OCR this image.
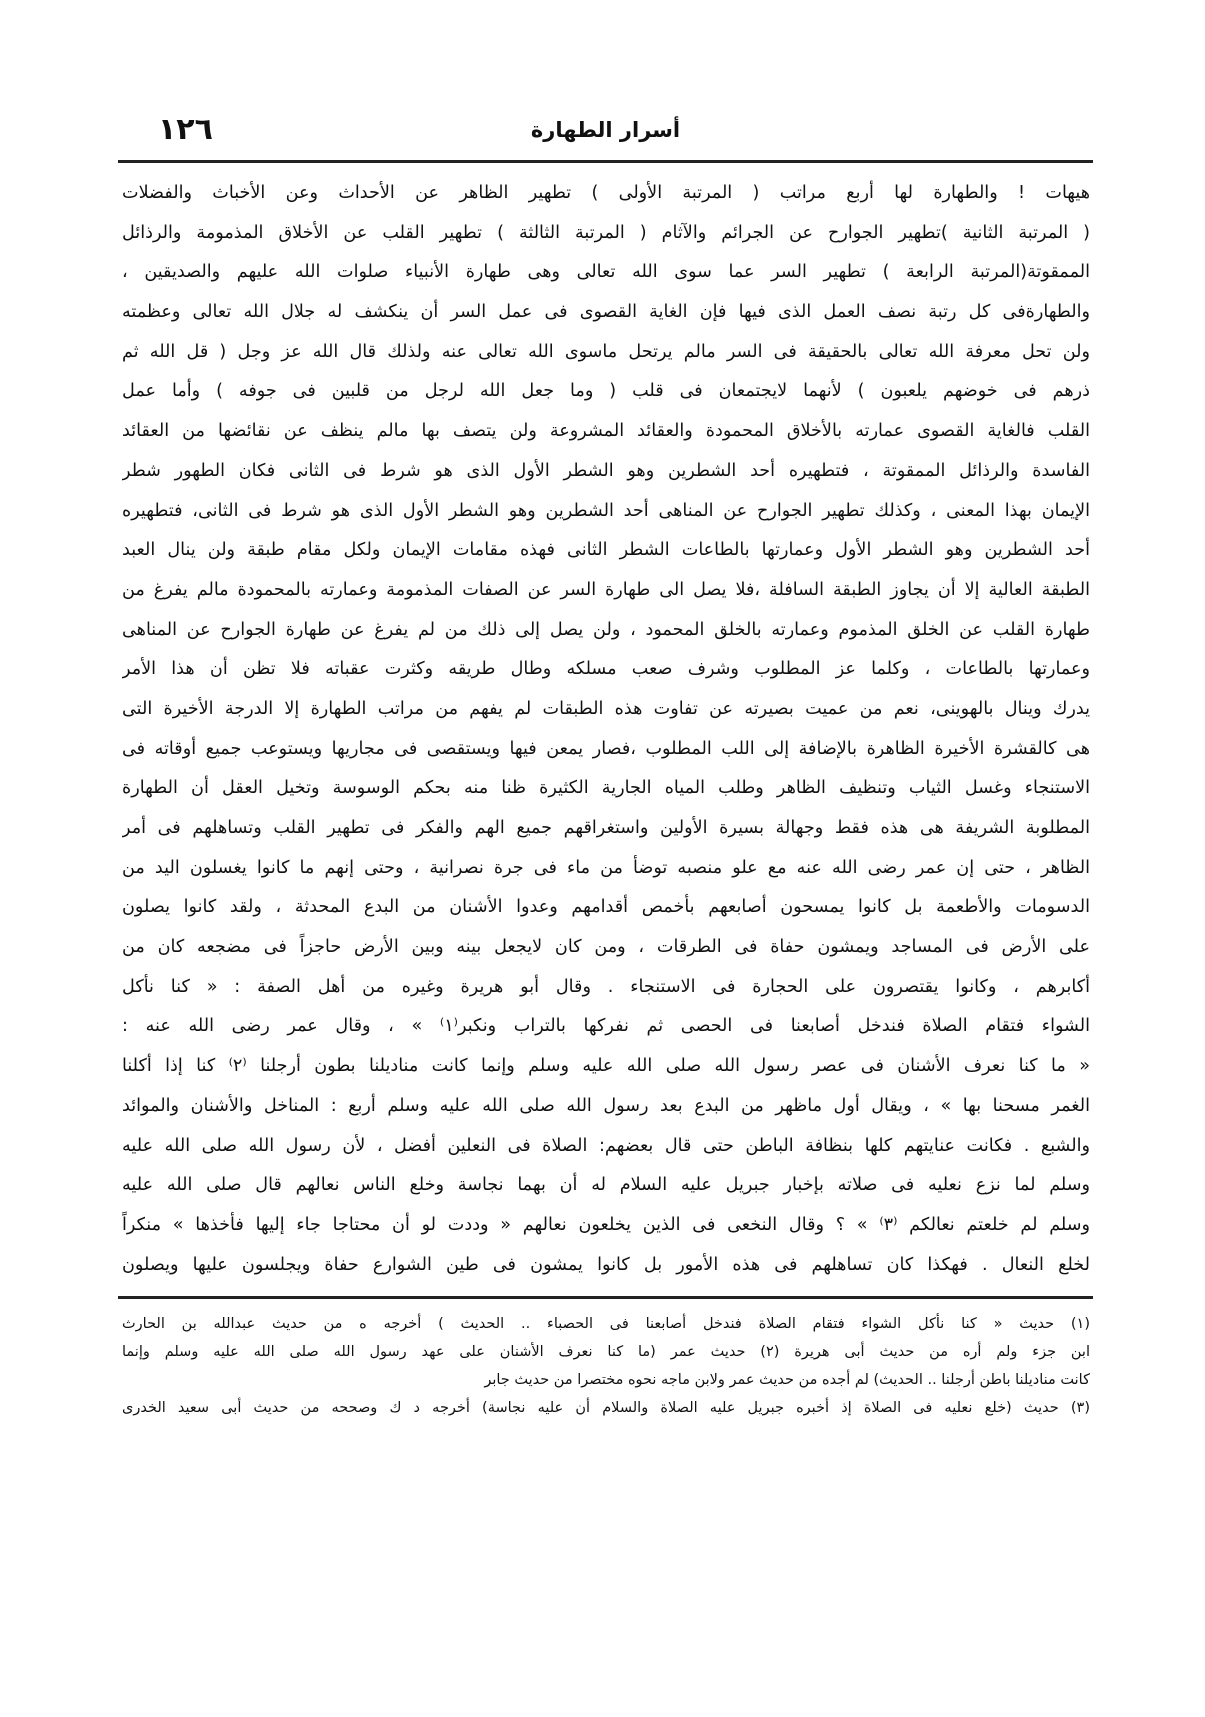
١٢٦	أسرار الطهارة
هيهات ! والطهارة لها أربع مراتب ( المرتبة الأولى ) تطهير الظاهر عن الأحداث وعن الأخباث والفضلات
( المرتبة الثانية )تطهير الجوارح عن الجرائم والآثام ( المرتبة الثالثة ) تطهير القلب عن الأخلاق المذمومة والرذائل
الممقوتة(المرتبة الرابعة ) تطهير السر عما سوى الله تعالى وهى طهارة الأنبياء صلوات الله عليهم والصديقين ،
والطهارةفى كل رتبة نصف العمل الذى فيها فإن الغاية القصوى فى عمل السر أن ينكشف له جلال الله تعالى وعظمته
ولن تحل معرفة الله تعالى بالحقيقة فى السر مالم يرتحل ماسوى الله تعالى عنه ولذلك قال الله عز وجل ( قل الله ثم
ذرهم فى خوضهم يلعبون ) لأنهما لايجتمعان فى قلب ( وما جعل الله لرجل من قلبين فى جوفه ) وأما عمل
القلب فالغاية القصوى عمارته بالأخلاق المحمودة والعقائد المشروعة ولن يتصف بها مالم ينظف عن نقائضها من العقائد
الفاسدة والرذائل الممقوتة ، فتطهيره أحد الشطرين وهو الشطر الأول الذى هو شرط فى الثانى فكان الطهور شطر
الإيمان بهذا المعنى ، وكذلك تطهير الجوارح عن المناهى أحد الشطرين وهو الشطر الأول الذى هو شرط فى الثانى، فتطهيره
أحد الشطرين وهو الشطر الأول وعمارتها بالطاعات الشطر الثانى فهذه مقامات الإيمان ولكل مقام طبقة ولن ينال العبد
الطبقة العالية إلا أن يجاوز الطبقة السافلة ،فلا يصل الى طهارة السر عن الصفات المذمومة وعمارته بالمحمودة مالم يفرغ من
طهارة القلب عن الخلق المذموم وعمارته بالخلق المحمود ، ولن يصل إلى ذلك من لم يفرغ عن طهارة الجوارح عن المناهى
وعمارتها بالطاعات ، وكلما عز المطلوب وشرف صعب مسلكه وطال طريقه وكثرت عقباته فلا تظن أن هذا الأمر
يدرك وينال بالهوينى، نعم من عميت بصيرته عن تفاوت هذه الطبقات لم يفهم من مراتب الطهارة إلا الدرجة الأخيرة التى
هى كالقشرة الأخيرة الظاهرة بالإضافة إلى اللب المطلوب ،فصار يمعن فيها ويستقصى فى مجاريها ويستوعب جميع أوقاته فى
الاستنجاء وغسل الثياب وتنظيف الظاهر وطلب المياه الجارية الكثيرة ظنا منه بحكم الوسوسة وتخيل العقل أن الطهارة
المطلوبة الشريفة هى هذه فقط وجهالة بسيرة الأولين واستغراقهم جميع الهم والفكر فى تطهير القلب وتساهلهم فى أمر
الظاهر ، حتى إن عمر رضى الله عنه مع علو منصبه توضأ من ماء فى جرة نصرانية ، وحتى إنهم ما كانوا يغسلون اليد من
الدسومات والأطعمة بل كانوا يمسحون أصابعهم بأخمص أقدامهم وعدوا الأشنان من البدع المحدثة ، ولقد كانوا يصلون
على الأرض فى المساجد ويمشون حفاة فى الطرقات ، ومن كان لايجعل بينه وبين الأرض حاجزاً فى مضجعه كان من
أكابرهم ، وكانوا يقتصرون على الحجارة فى الاستنجاء . وقال أبو هريرة وغيره من أهل الصفة : « كنا نأكل
الشواء فتقام الصلاة فندخل أصابعنا فى الحصى ثم نفركها بالتراب ونكبر⁽١⁾ » ، وقال عمر رضى الله عنه :
« ما كنا نعرف الأشنان فى عصر رسول الله صلى الله عليه وسلم وإنما كانت مناديلنا بطون أرجلنا ⁽٢⁾ كنا إذا أكلنا
الغمر مسحنا بها » ، ويقال أول ماظهر من البدع بعد رسول الله صلى الله عليه وسلم أربع : المناخل والأشنان والموائد
والشبع . فكانت عنايتهم كلها بنظافة الباطن حتى قال بعضهم: الصلاة فى النعلين أفضل ، لأن رسول الله صلى الله عليه
وسلم لما نزع نعليه فى صلاته بإخبار جبريل عليه السلام له أن بهما نجاسة وخلع الناس نعالهم قال صلى الله عليه
وسلم لم خلعتم نعالكم ⁽٣⁾ » ؟ وقال النخعى فى الذين يخلعون نعالهم « وددت لو أن محتاجا جاء إليها فأخذها » منكراً
لخلع النعال . فهكذا كان تساهلهم فى هذه الأمور بل كانوا يمشون فى طين الشوارع حفاة ويجلسون عليها ويصلون
(١) حديث « كنا نأكل الشواء فتقام الصلاة فندخل أصابعنا فى الحصباء .. الحديث ) أخرجه ه من حديث عبدالله بن الحارث
ابن جزء ولم أره من حديث أبى هريرة (٢) حديث عمر (ما كنا نعرف الأشنان على عهد رسول الله صلى الله عليه وسلم وإنما
كانت مناديلنا باطن أرجلنا .. الحديث) لم أجده من حديث عمر ولابن ماجه نحوه مختصرا من حديث جابر
(٣) حديث (خلع نعليه فى الصلاة إذ أخبره جبريل عليه الصلاة والسلام أن عليه نجاسة) أخرجه د ك وصححه من حديث أبى سعيد الخدرى
